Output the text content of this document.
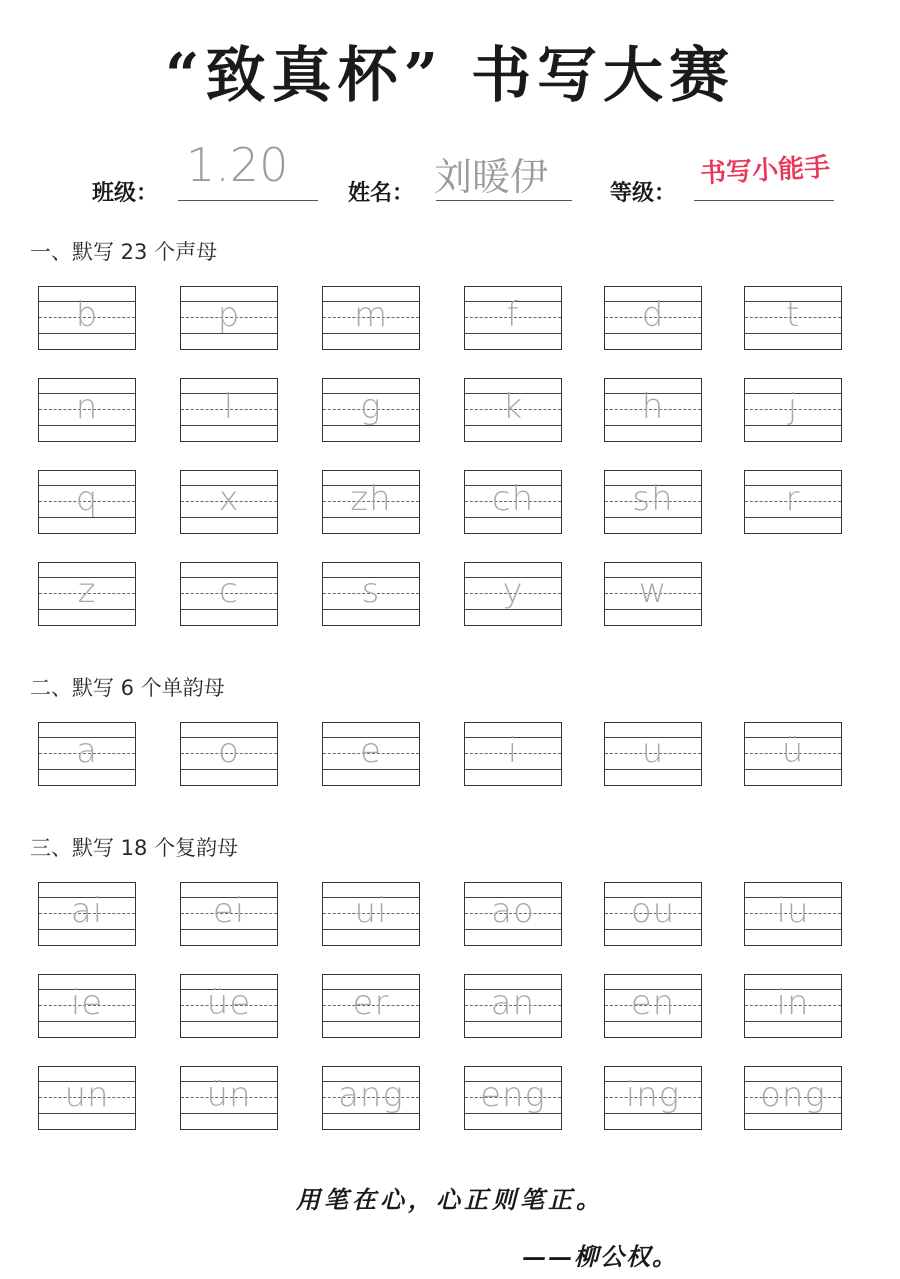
“致真杯” 书写大赛
班级：
1.20
姓名： 刘暖伊	等级：
书写小能手
一、默写 23 个声母
二、默写 6 个单韵母
三、默写 18 个复韵母
b	p	m	f	d	t
n	l	g	k	h	j
q	x	zh	ch	sh	r
z	c	s	y	w
a	o	e	i	u	ü
ai	ei	ui	ao	ou	iu
ie	üe	er	an	en	in
un	ün	ang	eng	ing	ong
用笔在心，心正则笔正。
——柳公权。
